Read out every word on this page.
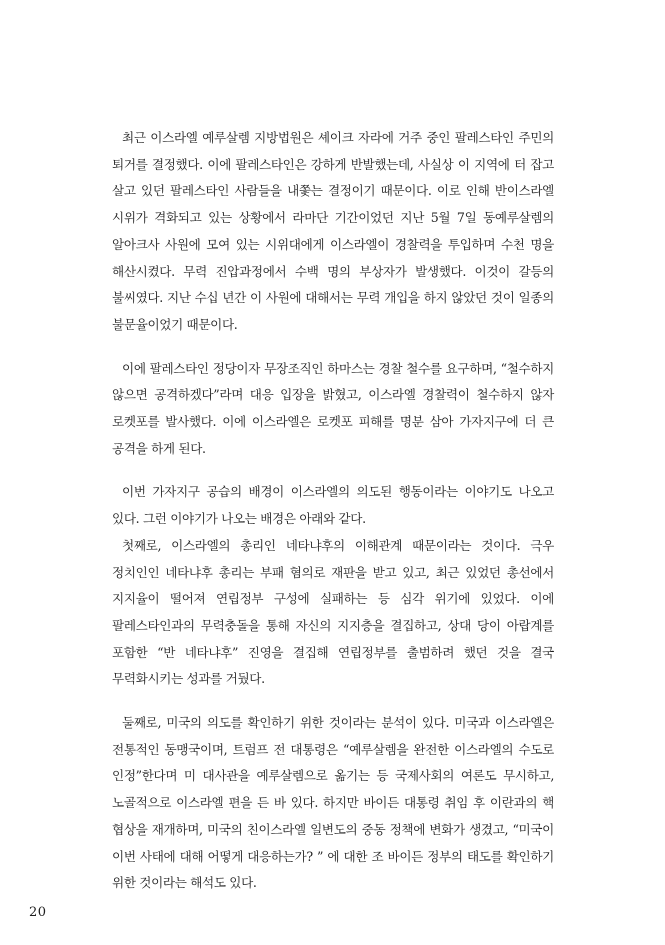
최근 이스라엘 예루살렘 지방법원은 셰이크 자라에 거주 중인 팔레스타인 주민의 퇴거를 결정했다. 이에 팔레스타인은 강하게 반발했는데, 사실상 이 지역에 터 잡고 살고 있던 팔레스타인 사람들을 내쫓는 결정이기 때문이다. 이로 인해 반이스라엘 시위가 격화되고 있는 상황에서 라마단 기간이었던 지난 5월 7일 동예루살렘의 알아크사 사원에 모여 있는 시위대에게 이스라엘이 경찰력을 투입하며 수천 명을 해산시켰다. 무력 진압과정에서 수백 명의 부상자가 발생했다. 이것이 갈등의 불씨였다. 지난 수십 년간 이 사원에 대해서는 무력 개입을 하지 않았던 것이 일종의 불문율이었기 때문이다.

이에 팔레스타인 정당이자 무장조직인 하마스는 경찰 철수를 요구하며, “철수하지 않으면 공격하겠다”라며 대응 입장을 밝혔고, 이스라엘 경찰력이 철수하지 않자 로켓포를 발사했다. 이에 이스라엘은 로켓포 피해를 명분 삼아 가자지구에 더 큰 공격을 하게 된다.

이번 가자지구 공습의 배경이 이스라엘의 의도된 행동이라는 이야기도 나오고 있다. 그런 이야기가 나오는 배경은 아래와 같다.

첫째로, 이스라엘의 총리인 네타냐후의 이해관계 때문이라는 것이다. 극우 정치인인 네타냐후 총리는 부패 혐의로 재판을 받고 있고, 최근 있었던 총선에서 지지율이 떨어져 연립정부 구성에 실패하는 등 심각 위기에 있었다. 이에 팔레스타인과의 무력충돌을 통해 자신의 지지층을 결집하고, 상대 당이 아랍계를 포함한 “반 네타냐후” 진영을 결집해 연립정부를 출범하려 했던 것을 결국 무력화시키는 성과를 거뒀다.

둘째로, 미국의 의도를 확인하기 위한 것이라는 분석이 있다. 미국과 이스라엘은 전통적인 동맹국이며, 트럼프 전 대통령은 “예루살렘을 완전한 이스라엘의 수도로 인정”한다며 미 대사관을 예루살렘으로 옮기는 등 국제사회의 여론도 무시하고, 노골적으로 이스라엘 편을 든 바 있다. 하지만 바이든 대통령 취임 후 이란과의 핵 협상을 재개하며, 미국의 친이스라엘 일변도의 중동 정책에 변화가 생겼고, “미국이 이번 사태에 대해 어떻게 대응하는가? ” 에 대한 조 바이든 정부의 태도를 확인하기 위한 것이라는 해석도 있다.

20
